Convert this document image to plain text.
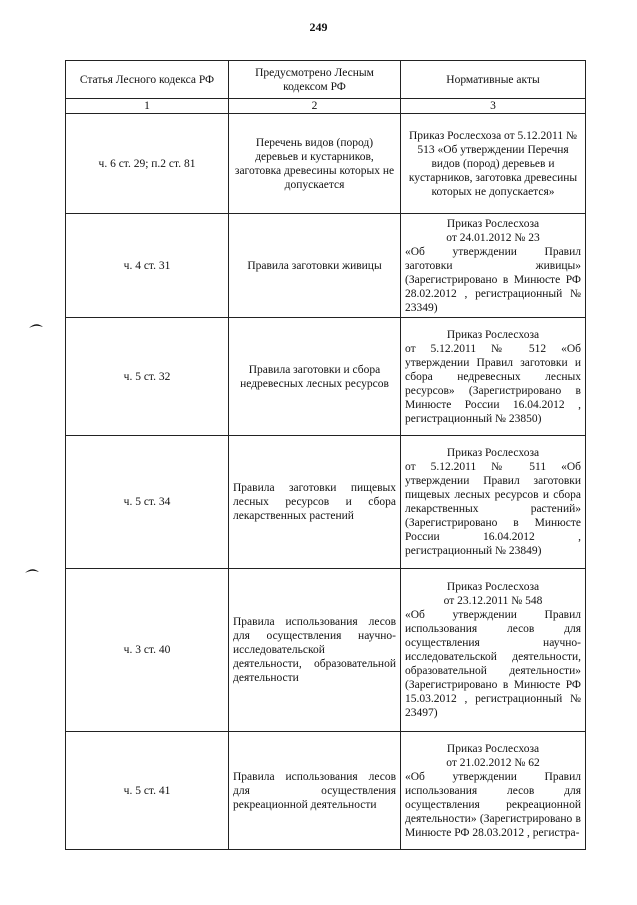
249
Статья Лесного кодекса РФ	Предусмотрено Лесным кодексом РФ	Нормативные акты
1	2	3
ч. 6 ст. 29; п.2 ст. 81	Перечень видов (пород) деревьев и кустарников, заготовка древесины которых не допускается	Приказ Рослесхоза от 5.12.2011 № 513 «Об утверждении Перечня видов (пород) деревьев и кустарников, заготовка древесины которых не допускается»

ч. 4 ст. 31	Правила заготовки живицы	Приказ Рослесхоза
от 24.01.2012 № 23
«Об утверждении Правил заготовки живицы» (Зарегистрировано в Минюсте РФ 28.02.2012 , регистрационный № 23349)

ч. 5 ст. 32	Правила заготовки и сбора недревесных лесных ресурсов	Приказ Рослесхоза
от 5.12.2011 № 512 «Об утверждении Правил заготовки и сбора недревесных лесных ресурсов» (Зарегистрировано в Минюсте России 16.04.2012 , регистрационный № 23850)

ч. 5 ст. 34	Правила заготовки пищевых лесных ресурсов и сбора лекарственных растений	Приказ Рослесхоза
от 5.12.2011 № 511 «Об утверждении Правил заготовки пищевых лесных ресурсов и сбора лекарственных растений» (Зарегистрировано в Минюсте России 16.04.2012 , регистрационный № 23849)

ч. 3 ст. 40	Правила использования лесов для осуществления научно-исследовательской деятельности, образовательной деятельности	Приказ Рослесхоза
от 23.12.2011 № 548
«Об утверждении Правил использования лесов для осуществления научно-исследовательской деятельности, образовательной деятельности» (Зарегистрировано в Минюсте РФ 15.03.2012 , регистрационный № 23497)

ч. 5 ст. 41	Правила использования лесов для осуществления рекреационной деятельности	Приказ Рослесхоза
от 21.02.2012 № 62
«Об утверждении Правил использования лесов для осуществления рекреационной деятельности» (Зарегистрировано в Минюсте РФ 28.03.2012 , регистра-
